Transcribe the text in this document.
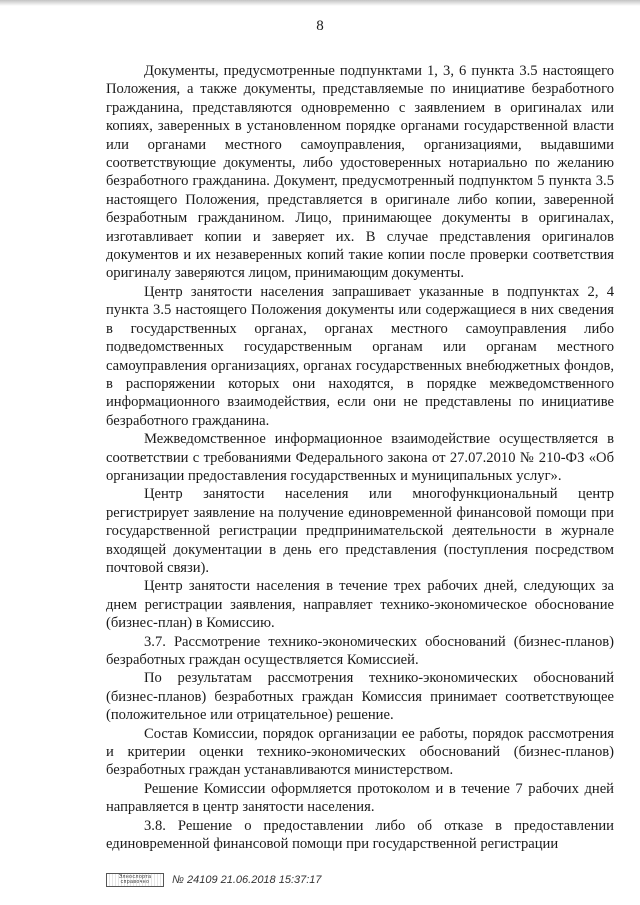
8

Документы, предусмотренные подпунктами 1, 3, 6 пункта 3.5 настоящего Положения, а также документы, представляемые по инициативе безработного гражданина, представляются одновременно с заявлением в оригиналах или копиях, заверенных в установленном порядке органами государственной власти или органами местного самоуправления, организациями, выдавшими соответствующие документы, либо удостоверенных нотариально по желанию безработного гражданина. Документ, предусмотренный подпунктом 5 пункта 3.5 настоящего Положения, представляется в оригинале либо копии, заверенной безработным гражданином. Лицо, принимающее документы в оригиналах, изготавливает копии и заверяет их. В случае представления оригиналов документов и их незаверенных копий такие копии после проверки соответствия оригиналу заверяются лицом, принимающим документы.

Центр занятости населения запрашивает указанные в подпунктах 2, 4 пункта 3.5 настоящего Положения документы или содержащиеся в них сведения в государственных органах, органах местного самоуправления либо подведомственных государственным органам или органам местного самоуправления организациях, органах государственных внебюджетных фондов, в распоряжении которых они находятся, в порядке межведомственного информационного взаимодействия, если они не представлены по инициативе безработного гражданина.

Межведомственное информационное взаимодействие осуществляется в соответствии с требованиями Федерального закона от 27.07.2010 № 210-ФЗ «Об организации предоставления государственных и муниципальных услуг».

Центр занятости населения или многофункциональный центр регистрирует заявление на получение единовременной финансовой помощи при государственной регистрации предпринимательской деятельности в журнале входящей документации в день его представления (поступления посредством почтовой связи).

Центр занятости населения в течение трех рабочих дней, следующих за днем регистрации заявления, направляет технико-экономическое обоснование (бизнес-план) в Комиссию.

3.7. Рассмотрение технико-экономических обоснований (бизнес-планов) безработных граждан осуществляется Комиссией.

По результатам рассмотрения технико-экономических обоснований (бизнес-планов) безработных граждан Комиссия принимает соответствующее (положительное или отрицательное) решение.

Состав Комиссии, порядок организации ее работы, порядок рассмотрения и критерии оценки технико-экономических обоснований (бизнес-планов) безработных граждан устанавливаются министерством.

Решение Комиссии оформляется протоколом и в течение 7 рабочих дней направляется в центр занятости населения.

3.8. Решение о предоставлении либо об отказе в предоставлении единовременной финансовой помощи при государственной регистрации

Элнослорта
справочно № 24109 21.06.2018 15:37:17
